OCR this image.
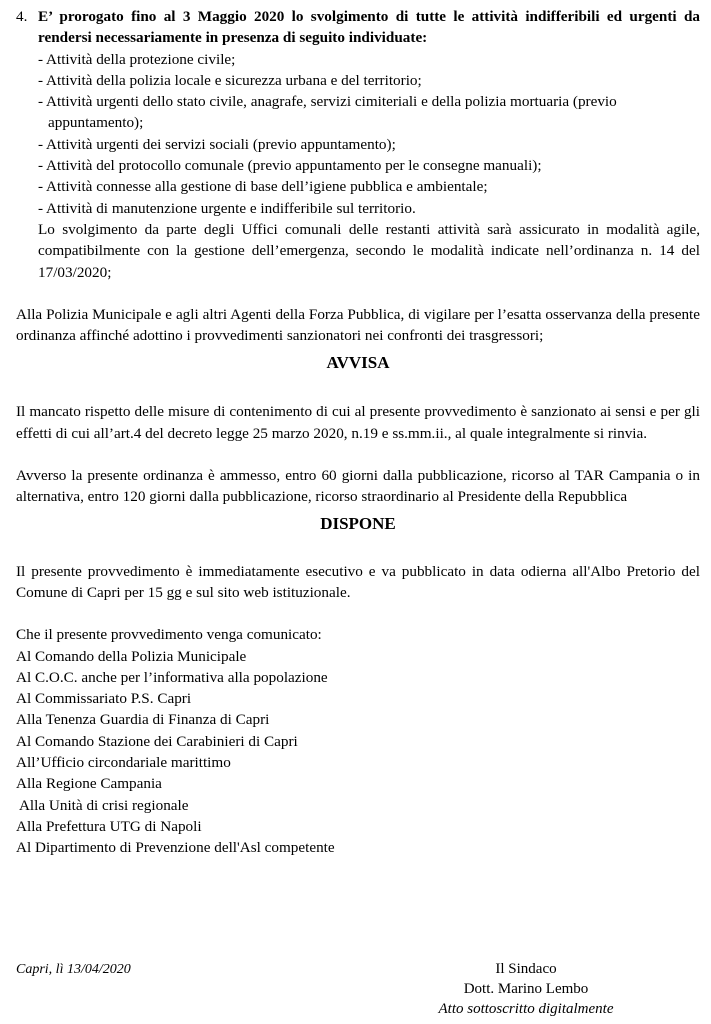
4. E’ prorogato fino al 3 Maggio 2020 lo svolgimento di tutte le attività indifferibili ed urgenti da rendersi necessariamente in presenza di seguito individuate:
- Attività della protezione civile;
- Attività della polizia locale e sicurezza urbana e del territorio;
- Attività urgenti dello stato civile, anagrafe, servizi cimiteriali e della polizia mortuaria (previo appuntamento);
- Attività urgenti dei servizi sociali (previo appuntamento);
- Attività del protocollo comunale (previo appuntamento per le consegne manuali);
- Attività connesse alla gestione di base dell’igiene pubblica e ambientale;
- Attività di manutenzione urgente e indifferibile sul territorio.
Lo svolgimento da parte degli Uffici comunali delle restanti attività sarà assicurato in modalità agile, compatibilmente con la gestione dell’emergenza, secondo le modalità indicate nell’ordinanza n. 14 del 17/03/2020;
Alla Polizia Municipale e agli altri Agenti della Forza Pubblica, di vigilare per l’esatta osservanza della presente ordinanza affinché adottino i provvedimenti sanzionatori nei confronti dei trasgressori;
AVVISA
Il mancato rispetto delle misure di contenimento di cui al presente provvedimento è sanzionato ai sensi e per gli effetti di cui all’art.4 del decreto legge 25 marzo 2020, n.19 e ss.mm.ii., al quale integralmente si rinvia.
Avverso la presente ordinanza è ammesso, entro 60 giorni dalla pubblicazione, ricorso al TAR Campania o in alternativa, entro 120 giorni dalla pubblicazione, ricorso straordinario al Presidente della Repubblica
DISPONE
Il presente provvedimento è immediatamente esecutivo e va pubblicato in data odierna all'Albo Pretorio del Comune di Capri per 15 gg e sul sito web istituzionale.
Che il presente provvedimento venga comunicato:
Al Comando della Polizia Municipale
Al C.O.C. anche per l’informativa alla popolazione
Al Commissariato P.S. Capri
Alla Tenenza Guardia di Finanza di Capri
Al Comando Stazione dei Carabinieri di Capri
All’Ufficio circondariale marittimo
Alla Regione Campania
Alla Unità di crisi regionale
Alla Prefettura UTG di Napoli
Al Dipartimento di Prevenzione dell'Asl competente
Capri, lì 13/04/2020	Il Sindaco
Dott. Marino Lembo
Atto sottoscritto digitalmente
